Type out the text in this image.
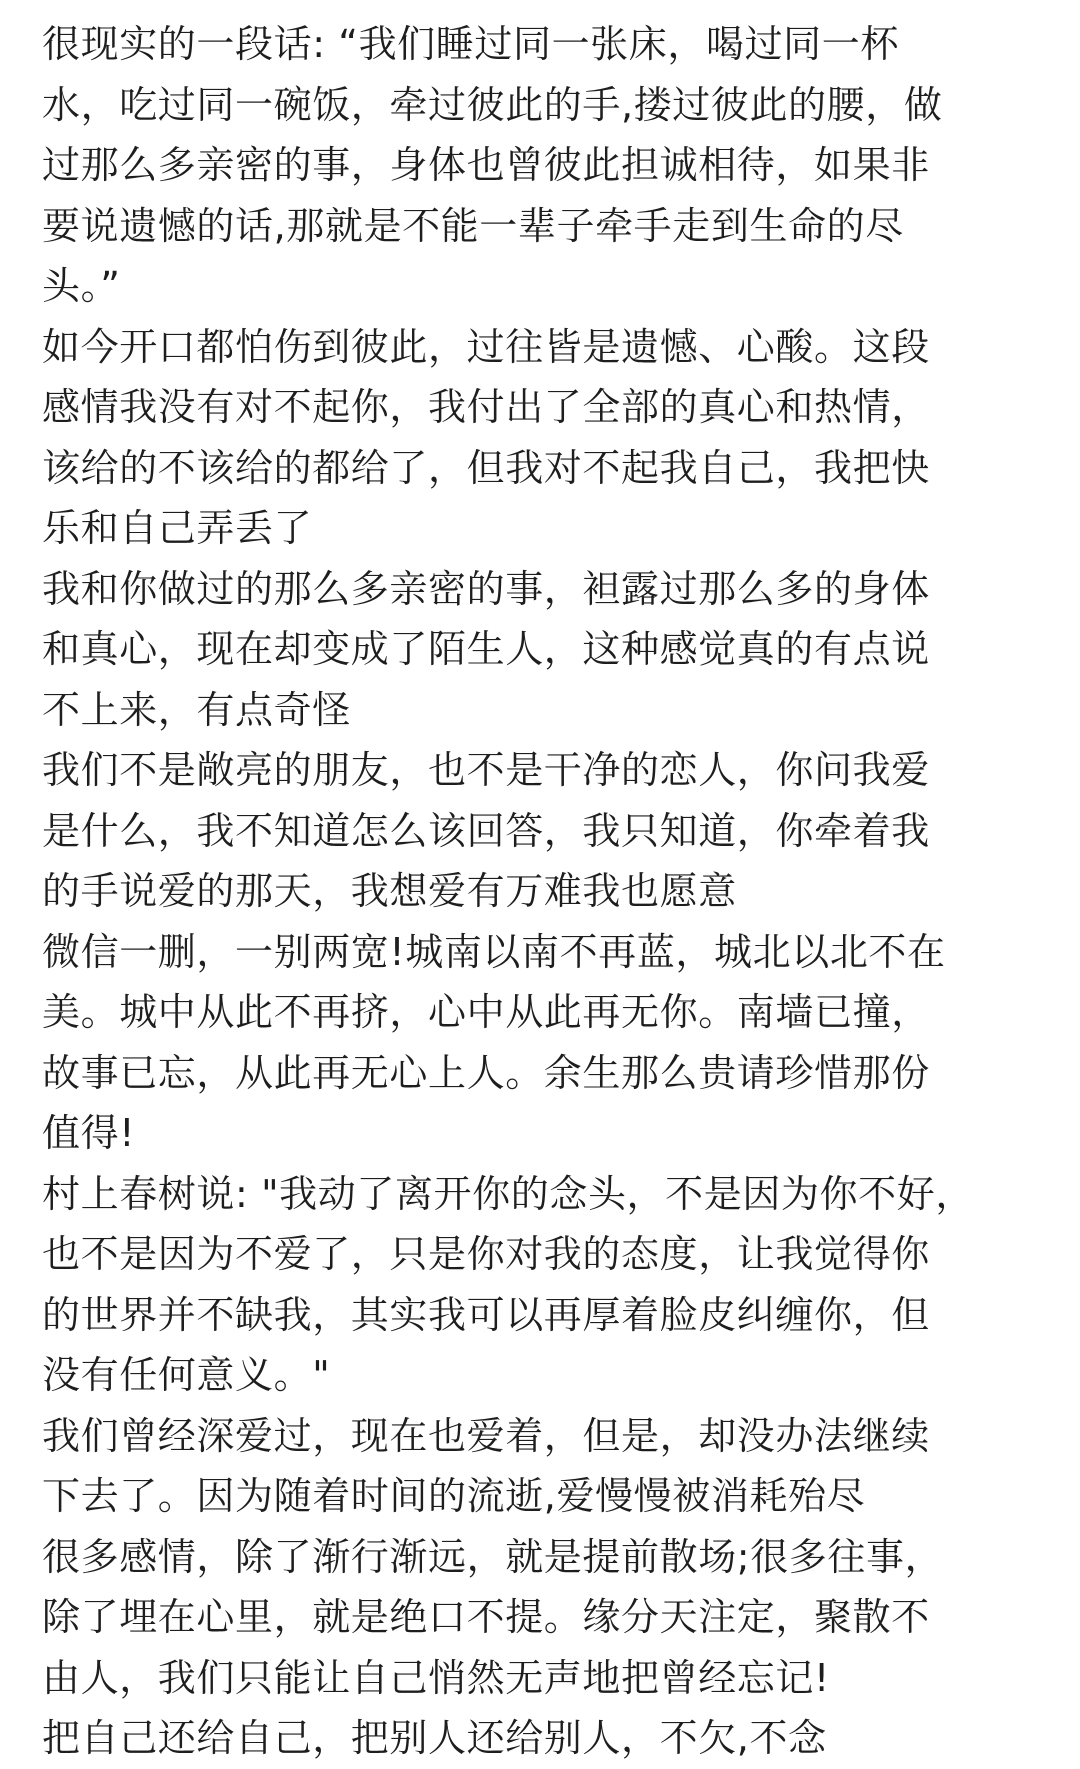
很现实的一段话: “我们睡过同一张床，喝过同一杯
水，吃过同一碗饭，牵过彼此的手,搂过彼此的腰，做
过那么多亲密的事，身体也曾彼此担诚相待，如果非
要说遗憾的话,那就是不能一辈子牵手走到生命的尽
头。”
如今开口都怕伤到彼此，过往皆是遗憾、心酸。这段
感情我没有对不起你，我付出了全部的真心和热情，
该给的不该给的都给了，但我对不起我自己，我把快
乐和自己弄丢了
我和你做过的那么多亲密的事，袒露过那么多的身体
和真心，现在却变成了陌生人，这种感觉真的有点说
不上来，有点奇怪
我们不是敞亮的朋友，也不是干净的恋人，你问我爱
是什么，我不知道怎么该回答，我只知道，你牵着我
的手说爱的那天，我想爱有万难我也愿意
微信一删，一别两宽!城南以南不再蓝，城北以北不在
美。城中从此不再挤，心中从此再无你。南墙已撞，
故事已忘，从此再无心上人。余生那么贵请珍惜那份
值得!
村上春树说: "我动了离开你的念头，不是因为你不好，
也不是因为不爱了，只是你对我的态度，让我觉得你
的世界并不缺我，其实我可以再厚着脸皮纠缠你，但
没有任何意义。"
我们曾经深爱过，现在也爱着，但是，却没办法继续
下去了。因为随着时间的流逝,爱慢慢被消耗殆尽
很多感情，除了渐行渐远，就是提前散场;很多往事，
除了埋在心里，就是绝口不提。缘分天注定，聚散不
由人，我们只能让自己悄然无声地把曾经忘记!
把自己还给自己，把别人还给别人，不欠,不念
